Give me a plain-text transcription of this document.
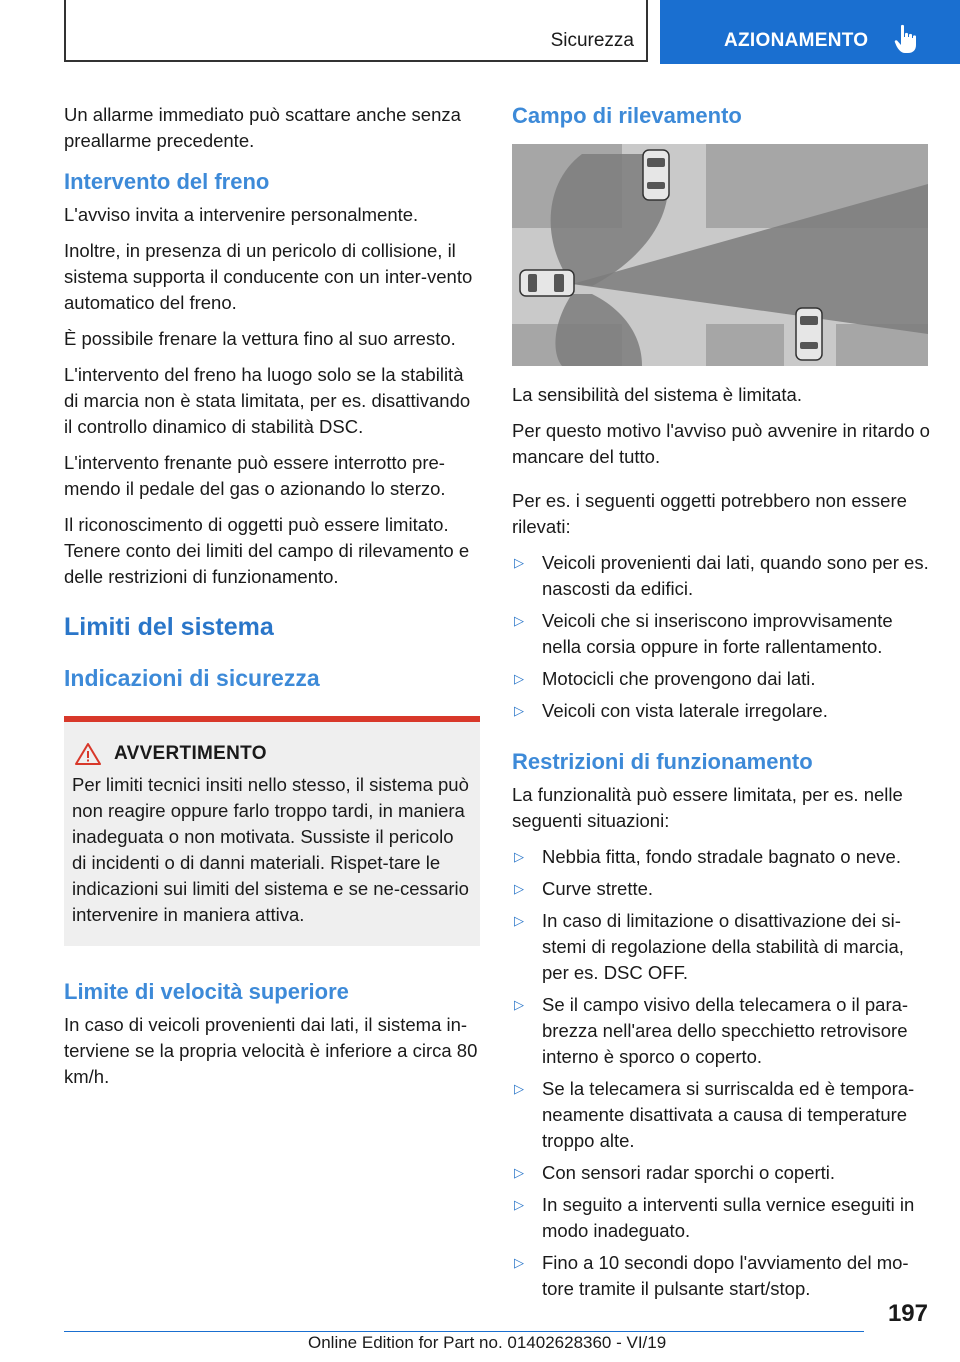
Sicurezza	AZIONAMENTO

Un allarme immediato può scattare anche senza preallarme precedente.

Intervento del freno

L'avviso invita a intervenire personalmente.

Inoltre, in presenza di un pericolo di collisione, il sistema supporta il conducente con un inter-vento automatico del freno.

È possibile frenare la vettura fino al suo arresto.

L'intervento del freno ha luogo solo se la stabilità di marcia non è stata limitata, per es. disattivando il controllo dinamico di stabilità DSC.

L'intervento frenante può essere interrotto pre-mendo il pedale del gas o azionando lo sterzo.

Il riconoscimento di oggetti può essere limitato. Tenere conto dei limiti del campo di rilevamento e delle restrizioni di funzionamento.

Limiti del sistema
Indicazioni di sicurezza
AVVERTIMENTO

Per limiti tecnici insiti nello stesso, il sistema può non reagire oppure farlo troppo tardi, in maniera inadeguata o non motivata. Sussiste il pericolo di incidenti o di danni materiali. Rispet-tare le indicazioni sui limiti del sistema e se ne-cessario intervenire in maniera attiva.

Limite di velocità superiore

In caso di veicoli provenienti dai lati, il sistema in-terviene se la propria velocità è inferiore a circa 80 km/h.

Campo di rilevamento

La sensibilità del sistema è limitata.

Per questo motivo l'avviso può avvenire in ritardo o mancare del tutto.

Per es. i seguenti oggetti potrebbero non essere rilevati:

▷ Veicoli provenienti dai lati, quando sono per es. nascosti da edifici.
▷ Veicoli che si inseriscono improvvisamente nella corsia oppure in forte rallentamento.
▷ Motocicli che provengono dai lati.
▷ Veicoli con vista laterale irregolare.
Restrizioni di funzionamento

La funzionalità può essere limitata, per es. nelle seguenti situazioni:

▷ Nebbia fitta, fondo stradale bagnato o neve.
▷ Curve strette.
▷ In caso di limitazione o disattivazione dei si-stemi di regolazione della stabilità di marcia, per es. DSC OFF.
▷ Se il campo visivo della telecamera o il para-brezza nell'area dello specchietto retrovisore interno è sporco o coperto.
▷ Se la telecamera si surriscalda ed è tempora-neamente disattivata a causa di temperature troppo alte.
▷ Con sensori radar sporchi o coperti.
▷ In seguito a interventi sulla vernice eseguiti in modo inadeguato.
▷ Fino a 10 secondi dopo l'avviamento del mo-tore tramite il pulsante start/stop.
197
Online Edition for Part no. 01402628360 - VI/19
